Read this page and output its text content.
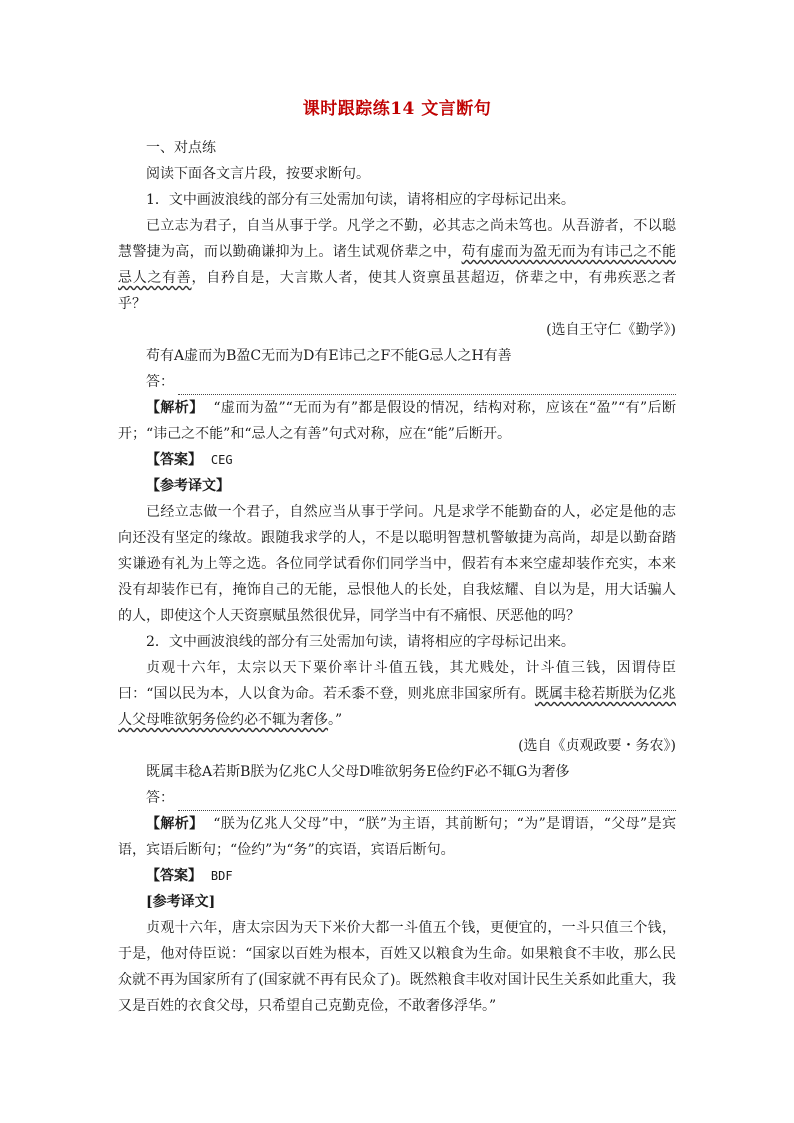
课时跟踪练14 文言断句

一、对点练

阅读下面各文言片段，按要求断句。

1．文中画波浪线的部分有三处需加句读，请将相应的字母标记出来。

已立志为君子，自当从事于学。凡学之不勤，必其志之尚未笃也。从吾游者，不以聪慧警捷为高，而以勤确谦抑为上。诸生试观侪辈之中，苟有虚而为盈无而为有讳己之不能忌人之有善，自矜自是，大言欺人者，使其人资禀虽甚超迈，侪辈之中，有弗疾恶之者乎？

(选自王守仁《勤学》)

苟有A虚而为B盈C无而为D有E讳己之F不能G忌人之H有善

答：

【解析】 “虚而为盈”“无而为有”都是假设的情况，结构对称，应该在“盈”“有”后断开；“讳己之不能”和“忌人之有善”句式对称，应在“能”后断开。

【答案】 CEG

【参考译文】

已经立志做一个君子，自然应当从事于学问。凡是求学不能勤奋的人，必定是他的志向还没有坚定的缘故。跟随我求学的人，不是以聪明智慧机警敏捷为高尚，却是以勤奋踏实谦逊有礼为上等之选。各位同学试看你们同学当中，假若有本来空虚却装作充实，本来没有却装作已有，掩饰自己的无能，忌恨他人的长处，自我炫耀、自以为是，用大话骗人的人，即使这个人天资禀赋虽然很优异，同学当中有不痛恨、厌恶他的吗？

2．文中画波浪线的部分有三处需加句读，请将相应的字母标记出来。

贞观十六年，太宗以天下粟价率计斗值五钱，其尤贱处，计斗值三钱，因谓侍臣曰：“国以民为本，人以食为命。若禾黍不登，则兆庶非国家所有。既属丰稔若斯朕为亿兆人父母唯欲躬务俭约必不辄为奢侈。”

(选自《贞观政要・务农》)

既属丰稔A若斯B朕为亿兆C人父母D唯欲躬务E俭约F必不辄G为奢侈

答：

【解析】 “朕为亿兆人父母”中，“朕”为主语，其前断句；“为”是谓语，“父母”是宾语，宾语后断句；“俭约”为“务”的宾语，宾语后断句。

【答案】 BDF

[参考译文]

贞观十六年，唐太宗因为天下米价大都一斗值五个钱，更便宜的，一斗只值三个钱，于是，他对侍臣说：“国家以百姓为根本，百姓又以粮食为生命。如果粮食不丰收，那么民众就不再为国家所有了(国家就不再有民众了)。既然粮食丰收对国计民生关系如此重大，我又是百姓的衣食父母，只希望自己克勤克俭，不敢奢侈浮华。”
